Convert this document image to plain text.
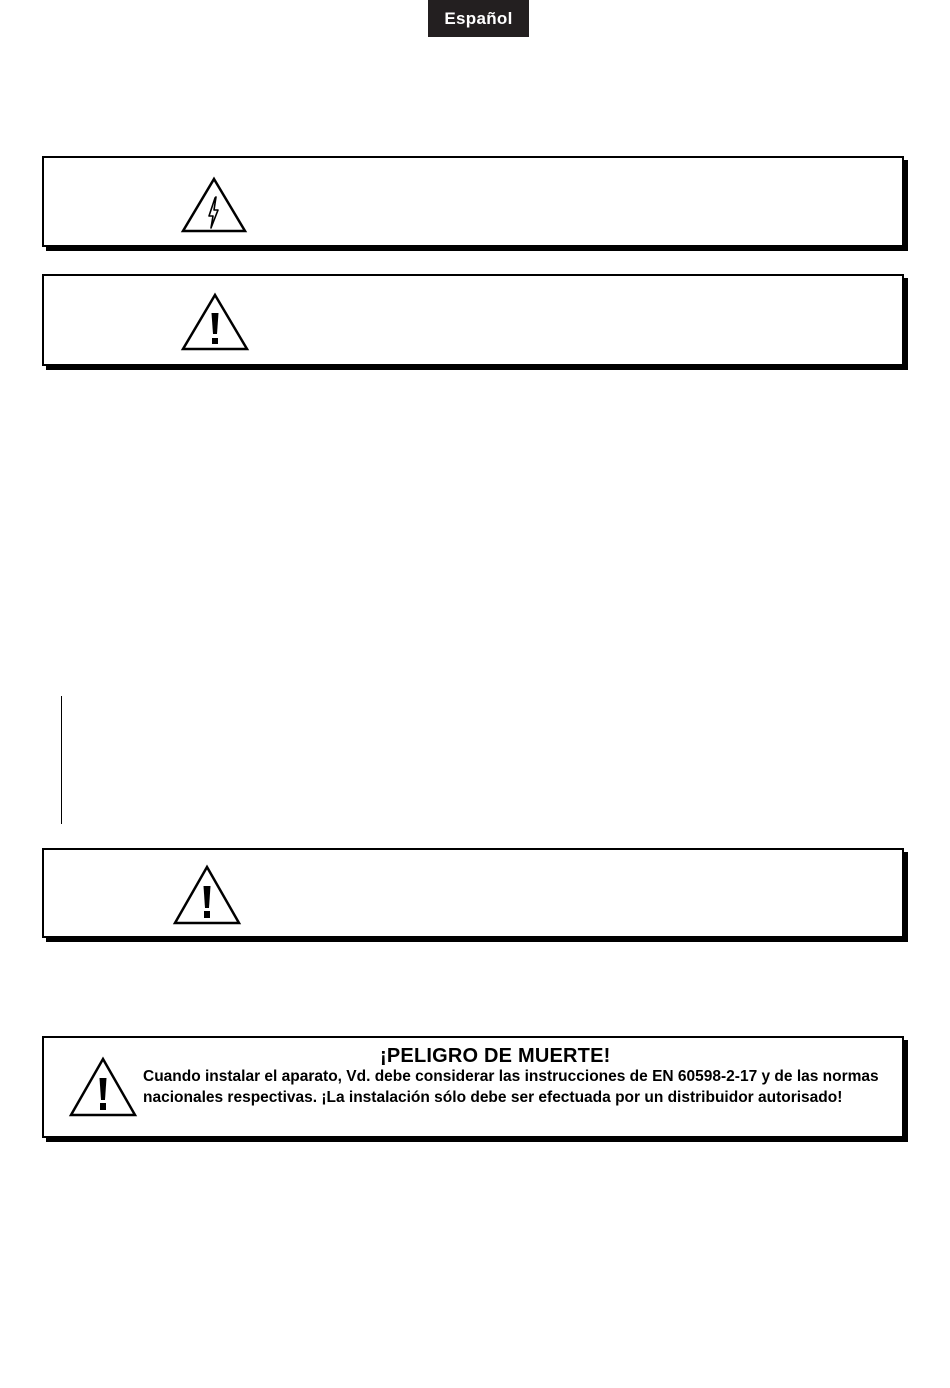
Español
¡PELIGRO DE MUERTE!
Cuando instalar el aparato, Vd. debe considerar las instrucciones de EN 60598-2-17 y de las normas nacionales respectivas. ¡La instalación sólo debe ser efectuada por un distribuidor autorisado!
